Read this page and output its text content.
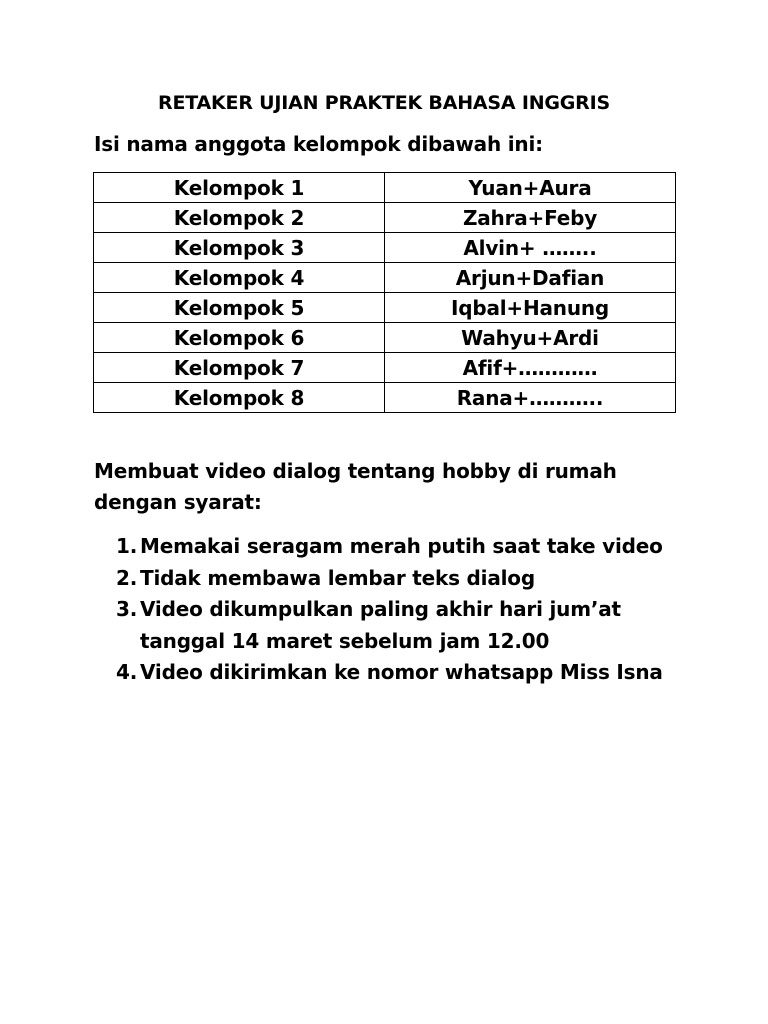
RETAKER UJIAN PRAKTEK BAHASA INGGRIS
Isi nama anggota kelompok dibawah ini:
Kelompok 1	Yuan+Aura
Kelompok 2	Zahra+Feby
Kelompok 3	Alvin+ ……..
Kelompok 4	Arjun+Dafian
Kelompok 5	Iqbal+Hanung
Kelompok 6	Wahyu+Ardi
Kelompok 7	Afif+…………
Kelompok 8	Rana+………..
Membuat video dialog tentang hobby di rumah dengan syarat:
1. Memakai seragam merah putih saat take video
2. Tidak membawa lembar teks dialog
3. Video dikumpulkan paling akhir hari jum’at tanggal 14 maret sebelum jam 12.00
4. Video dikirimkan ke nomor whatsapp Miss Isna
